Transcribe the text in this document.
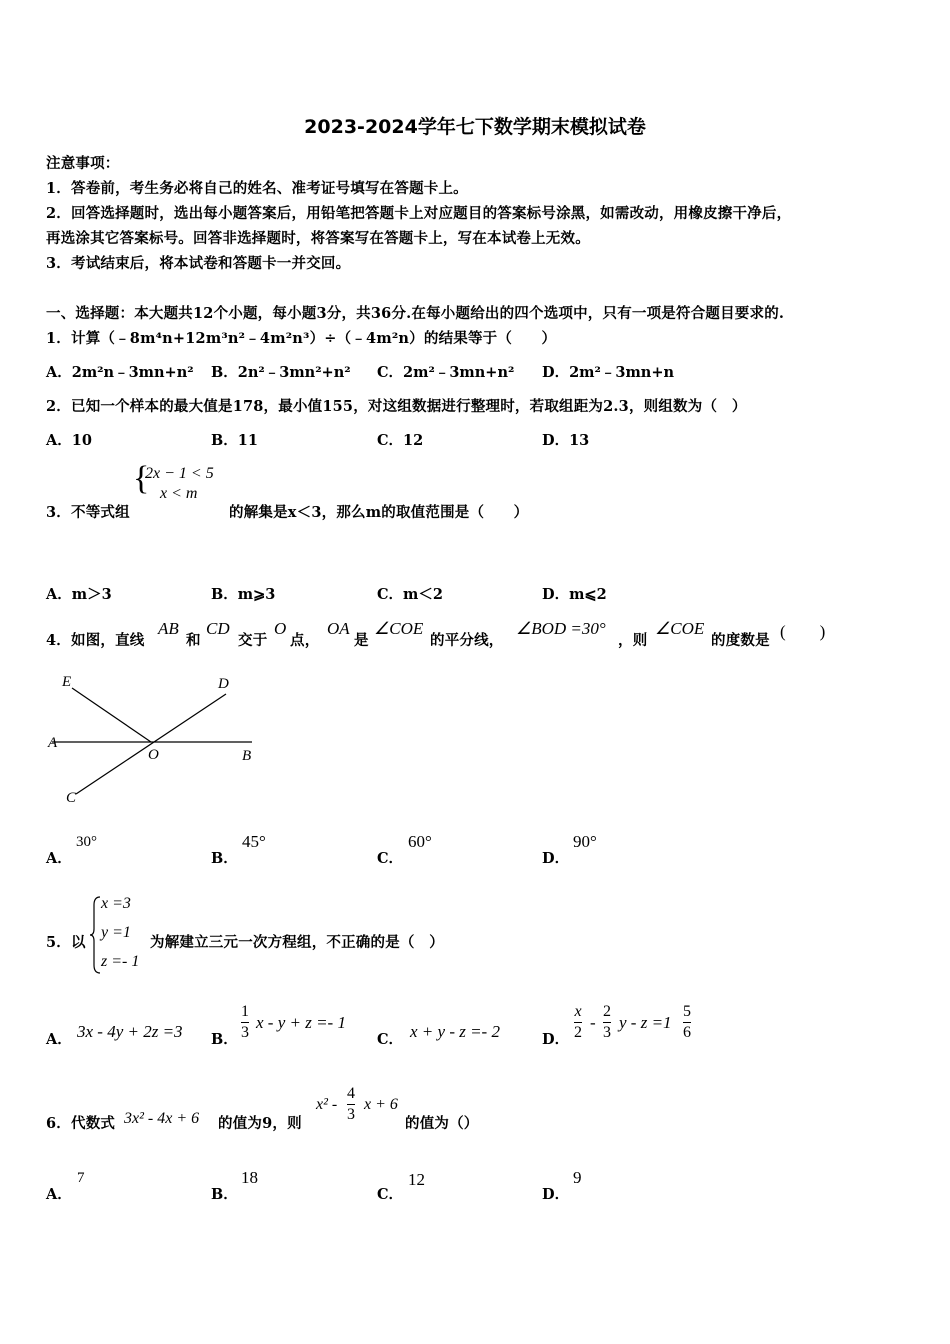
2023-2024学年七下数学期末模拟试卷
注意事项：
1．答卷前，考生务必将自己的姓名、准考证号填写在答题卡上。
2．回答选择题时，选出每小题答案后，用铅笔把答题卡上对应题目的答案标号涂黑，如需改动，用橡皮擦干净后，
再选涂其它答案标号。回答非选择题时，将答案写在答题卡上，写在本试卷上无效。
3．考试结束后，将本试卷和答题卡一并交回。
一、选择题：本大题共12个小题，每小题3分，共36分.在每小题给出的四个选项中，只有一项是符合题目要求的.
1．计算（﹣8m⁴n+12m³n²﹣4m²n³）÷（﹣4m²n）的结果等于（　　）
A．2m²n﹣3mn+n² B．2n²﹣3mn²+n² C．2m²﹣3mn+n² D．2m²﹣3mn+n
2．已知一个样本的最大值是178，最小值155，对这组数据进行整理时，若取组距为2.3，则组数为（　）
A．10	B．11	C．12	D．13
{
2x − 1 < 5
x < m
3．不等式组	的解集是x＜3，那么m的取值范围是（　　）
A．m＞3	B．m⩾3	C．m＜2	D．m⩽2
4．如图，直线
AB
和
CD
交于
O
点，
OA
是
∠COE
的平分线，
∠BOD =30°
，则
∠COE
的度数是 (　　)
E	D
A
O	B
C
A．
30°
B．
45°
C．
60°
D．
90°
5．以
x =3
y =1
z =- 1
为解建立三元一次方程组，不正确的是（　）
A． 3x - 4y + 2z =3 B． $\frac{1}{3}$ x - y + z =- 1
C． x + y - z =- 2	D． $\frac{x}{2} - \frac{2}{3}$ $y - z =1 \frac{5}{6}$
6．代数式 3x² - 4x + 6 的值为9，则
$x^2 - \frac{4}{3}$ x + 6
的值为（）
A．
7
B．
18
C．
12
D．
9
